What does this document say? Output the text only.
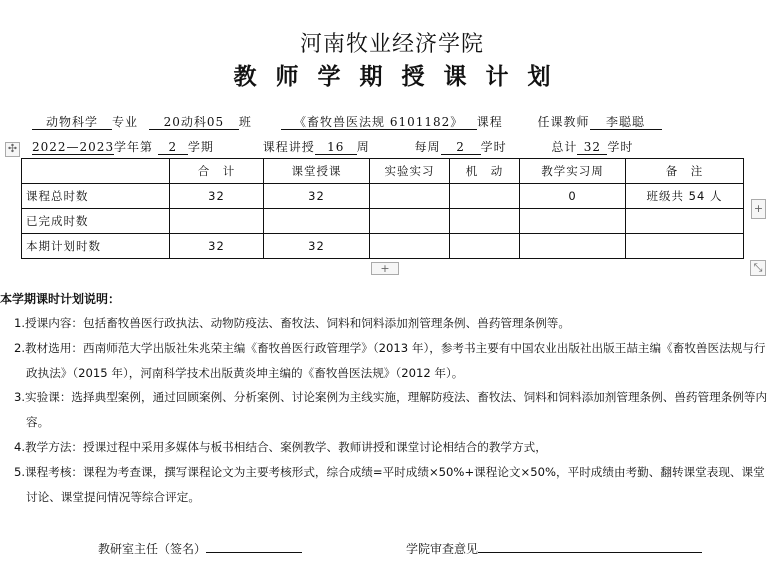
河南牧业经济学院
教师学期授课计划
动物科学 专业 20动科05 班	《畜牧兽医法规 6101182》 课程	任课教师 李聪聪
2022—2023学年第 2 学期	课程讲授 16 周	每周 2 学时	总计 32 学时
✣
+
+	⤡
	合　计	课堂授课	实验实习	机　动	教学实习周	备　注
课程总时数	32	32			0	班级共 54 人
已完成时数						
本期计划时数	32	32				
本学期课时计划说明：
1.授课内容：包括畜牧兽医行政执法、动物防疫法、畜牧法、饲料和饲料添加剂管理条例、兽药管理条例等。
2.教材选用：西南师范大学出版社朱兆荣主编《畜牧兽医行政管理学》（2013 年），参考书主要有中国农业出版社出版王喆主编《畜牧兽医法规与行政执法》（2015 年），河南科学技术出版黄炎坤主编的《畜牧兽医法规》（2012 年）。
3.实验课：选择典型案例，通过回顾案例、分析案例、讨论案例为主线实施，理解防疫法、畜牧法、饲料和饲料添加剂管理条例、兽药管理条例等内容。
4.教学方法：授课过程中采用多媒体与板书相结合、案例教学、教师讲授和课堂讨论相结合的教学方式，
5.课程考核：课程为考查课，撰写课程论文为主要考核形式，综合成绩=平时成绩×50%+课程论文×50%，平时成绩由考勤、翻转课堂表现、课堂讨论、课堂提问情况等综合评定。
教研室主任（签名）	学院审查意见
